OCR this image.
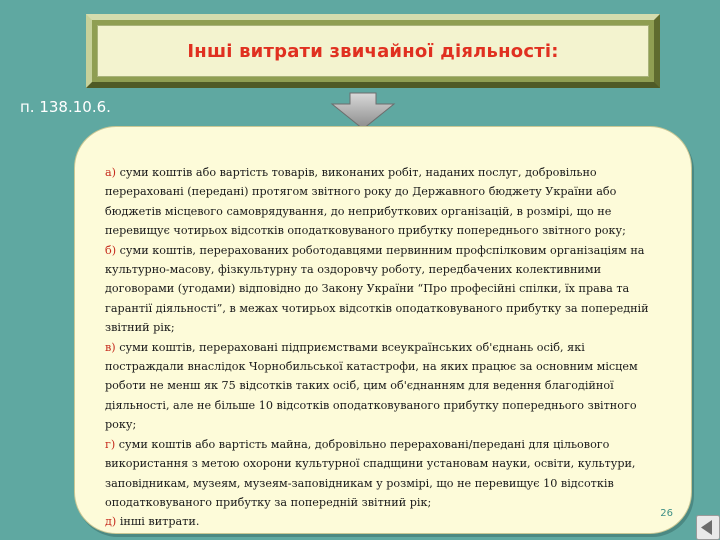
Інші витрати звичайної діяльності:
п. 138.10.6.

а) суми коштів або вартість товарів, виконаних робіт, наданих послуг, добровільно перераховані (передані) протягом звітного року до Державного бюджету України або бюджетів місцевого самоврядування, до неприбуткових організацій, в розмірі, що не перевищує чотирьох відсотків оподатковуваного прибутку попереднього звітного року;

б) суми коштів, перерахованих роботодавцями первинним профспілковим організаціям на культурно-масову, фізкультурну та оздоровчу роботу, передбачених колективними договорами (угодами) відповідно до Закону України “Про професійні спілки, їх права та гарантії діяльності”, в межах чотирьох відсотків оподатковуваного прибутку за попередній звітний рік;

в) суми коштів, перераховані підприємствами всеукраїнських об'єднань осіб, які постраждали внаслідок Чорнобильської катастрофи, на яких працює за основним місцем роботи не менш як 75 відсотків таких осіб, цим об'єднанням для ведення благодійної діяльності, але не більше 10 відсотків оподатковуваного прибутку попереднього звітного року;

г) суми коштів або вартість майна, добровільно перераховані/передані для цільового використання з метою охорони культурної спадщини установам науки, освіти, культури, заповідникам, музеям, музеям-заповідникам у розмірі, що не перевищує 10 відсотків оподатковуваного прибутку за попередній звітний рік;

д) інші витрати.

26
